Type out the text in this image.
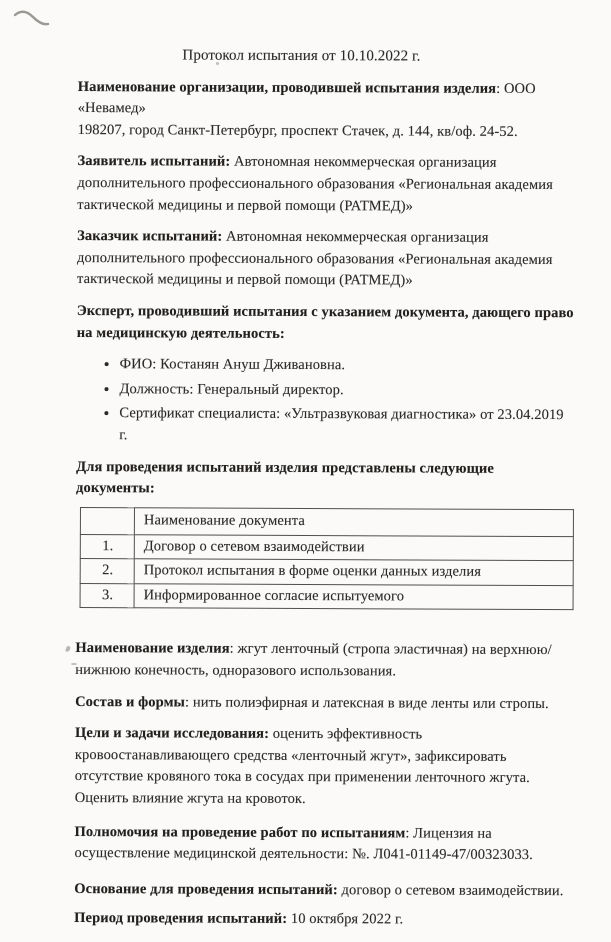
Протокол испытания от 10.10.2022 г.

Наименование организации, проводившей испытания изделия: ООО «Невамед»
198207, город Санкт-Петербург, проспект Стачек, д. 144, кв/оф. 24-52.

Заявитель испытаний: Автономная некоммерческая организация дополнительного профессионального образования «Региональная академия тактической медицины и первой помощи (РАТМЕД)»

Заказчик испытаний: Автономная некоммерческая организация дополнительного профессионального образования «Региональная академия тактической медицины и первой помощи (РАТМЕД)»

Эксперт, проводивший испытания с указанием документа, дающего право на медицинскую деятельность:

• ФИО: Костанян Ануш Дживановна.
• Должность: Генеральный директор.
• Сертификат специалиста: «Ультразвуковая диагностика» от 23.04.2019 г.

Для проведения испытаний изделия представлены следующие документы:

	Наименование документа
1.	Договор о сетевом взаимодействии
2.	Протокол испытания в форме оценки данных изделия
3.	Информированное согласие испытуемого

Наименование изделия: жгут ленточный (стропа эластичная) на верхнюю/нижнюю конечность, одноразового использования.

Состав и формы: нить полиэфирная и латексная в виде ленты или стропы.

Цели и задачи исследования: оценить эффективность кровоостанавливающего средства «ленточный жгут», зафиксировать отсутствие кровяного тока в сосудах при применении ленточного жгута. Оценить влияние жгута на кровоток.

Полномочия на проведение работ по испытаниям: Лицензия на осуществление медицинской деятельности: №. Л041-01149-47/00323033.

Основание для проведения испытаний: договор о сетевом взаимодействии.

Период проведения испытаний: 10 октября 2022 г.
